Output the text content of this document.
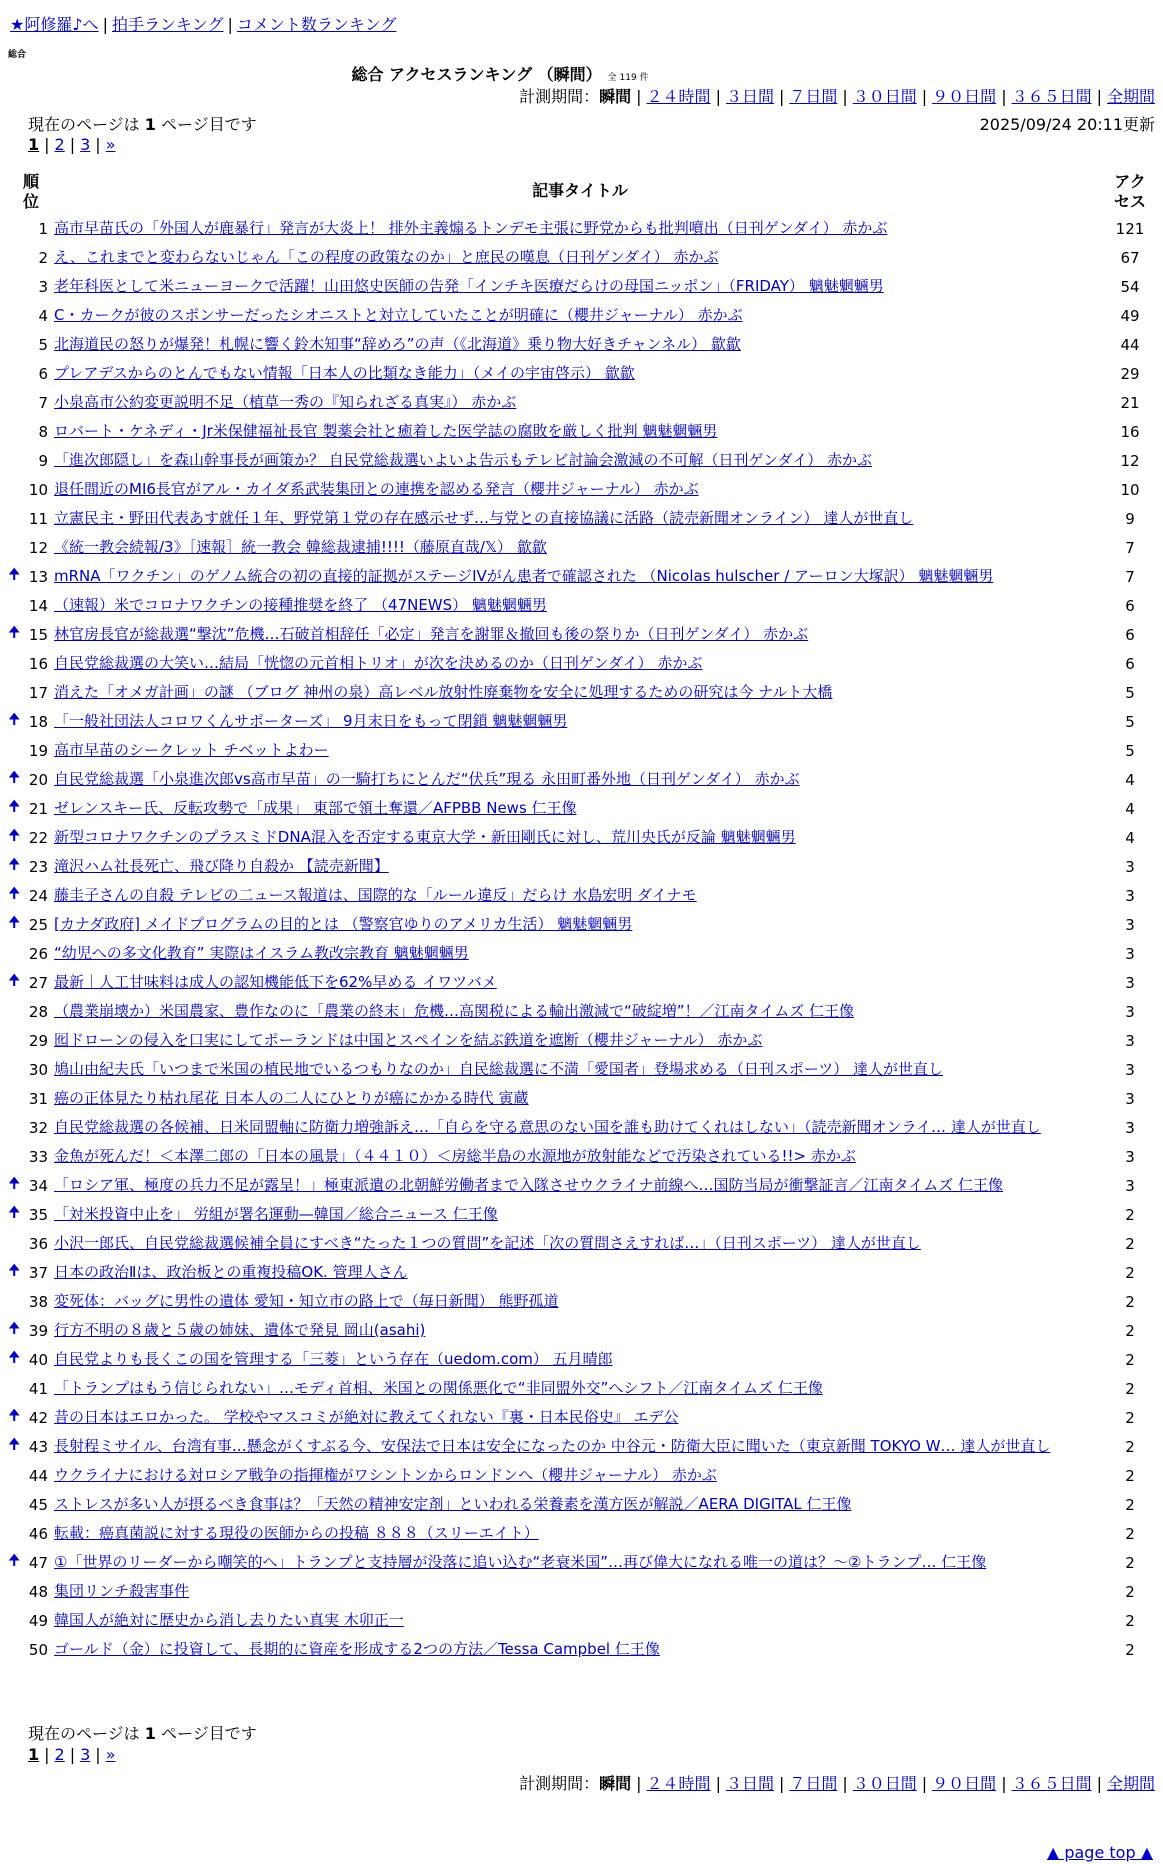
★阿修羅♪へ | 拍手ランキング | コメント数ランキング
総合
総合 アクセスランキング （瞬間） 全 119 件
計測期間：瞬間 | ２４時間 | ３日間 | ７日間 | ３０日間 | ９０日間 | ３６５日間 | 全期間
現在のページは 1 ページ目です	2025/09/24 20:11更新
1 | 2 | 3 | »
順
位		記事タイトル	アク
セス
	1	高市早苗氏の「外国人が鹿暴行」発言が大炎上！ 排外主義煽るトンデモ主張に野党からも批判噴出（日刊ゲンダイ） 赤かぶ	121
	2	え、これまでと変わらないじゃん「この程度の政策なのか」と庶民の嘆息（日刊ゲンダイ） 赤かぶ	67
	3	老年科医として米ニューヨークで活躍！山田悠史医師の告発「インチキ医療だらけの母国ニッポン」（FRIDAY） 魑魅魍魎男	54
	4	C・カークが彼のスポンサーだったシオニストと対立していたことが明確に（櫻井ジャーナル） 赤かぶ	49
	5	北海道民の怒りが爆発！札幌に響く鈴木知事“辞めろ”の声（《北海道》乗り物大好きチャンネル） 歙歙	44
	6	プレアデスからのとんでもない情報「日本人の比類なき能力」（メイの宇宙啓示） 歙歙	29
	7	小泉高市公約変更説明不足（植草一秀の『知られざる真実』） 赤かぶ	21
	8	ロバート・ケネディ・Jr米保健福祉長官 製薬会社と癒着した医学誌の腐敗を厳しく批判 魑魅魍魎男	16
	9	「進次郎隠し」を森山幹事長が画策か？ 自民党総裁選いよいよ告示もテレビ討論会激減の不可解（日刊ゲンダイ） 赤かぶ	12
	10	退任間近のMI6長官がアル・カイダ系武装集団との連携を認める発言（櫻井ジャーナル） 赤かぶ	10
	11	立憲民主・野田代表あす就任１年、野党第１党の存在感示せず…与党との直接協議に活路（読売新聞オンライン） 達人が世直し	9
	12	《統一教会続報/3》［速報］統一教会 韓総裁逮捕!!!!（藤原直哉/𝕏） 歙歙	7
🠉	13	mRNA「ワクチン」のゲノム統合の初の直接的証拠がステージIVがん患者で確認された （Nicolas hulscher / アーロン大塚訳） 魑魅魍魎男	7
	14	（速報）米でコロナワクチンの接種推奨を終了 （47NEWS） 魑魅魍魎男	6
🠉	15	林官房長官が総裁選“撃沈”危機…石破首相辞任「必定」発言を謝罪＆撤回も後の祭りか（日刊ゲンダイ） 赤かぶ	6
	16	自民党総裁選の大笑い…結局「恍惚の元首相トリオ」が次を決めるのか（日刊ゲンダイ） 赤かぶ	6
	17	消えた「オメガ計画」の謎 （ブログ 神州の泉）高レベル放射性廃棄物を安全に処理するための研究は今 ナルト大橋	5
🠉	18	「一般社団法人コロワくんサポーターズ」 9月末日をもって閉鎖 魑魅魍魎男	5
	19	高市早苗のシークレット チベットよわー	5
🠉	20	自民党総裁選「小泉進次郎vs高市早苗」の一騎打ちにとんだ“伏兵”現る 永田町番外地（日刊ゲンダイ） 赤かぶ	4
🠉	21	ゼレンスキー氏、反転攻勢で「成果」 東部で領土奪還／AFPBB News 仁王像	4
🠉	22	新型コロナワクチンのプラスミドDNA混入を否定する東京大学・新田剛氏に対し、荒川央氏が反論 魑魅魍魎男	4
🠉	23	滝沢ハム社長死亡、飛び降り自殺か 【読売新聞】	3
🠉	24	藤圭子さんの自殺 テレビの二ュース報道は、国際的な「ルール違反」だらけ 水島宏明 ダイナモ	3
🠉	25	[カナダ政府] メイドプログラムの目的とは （警察官ゆりのアメリカ生活） 魑魅魍魎男	3
	26	“幼児への多文化教育” 実際はイスラム教改宗教育 魑魅魍魎男	3
🠉	27	最新｜人工甘味料は成人の認知機能低下を62%早める イワツバメ	3
	28	（農業崩壊か）米国農家、豊作なのに「農業の終末」危機…高関税による輸出激減で“破綻増”！／江南タイムズ 仁王像	3
	29	囮ドローンの侵入を口実にしてポーランドは中国とスペインを結ぶ鉄道を遮断（櫻井ジャーナル） 赤かぶ	3
	30	鳩山由紀夫氏「いつまで米国の植民地でいるつもりなのか」自民総裁選に不満「愛国者」登場求める（日刊スポーツ） 達人が世直し	3
	31	癌の正体見たり枯れ尾花 日本人の二人にひとりが癌にかかる時代 寅蔵	3
	32	自民党総裁選の各候補、日米同盟軸に防衛力増強訴え…「自らを守る意思のない国を誰も助けてくれはしない」（読売新聞オンライ… 達人が世直し	3
	33	金魚が死んだ！＜本澤二郎の「日本の風景」（４４１０）＜房総半島の水源地が放射能などで汚染されている!!> 赤かぶ	3
🠉	34	「ロシア軍、極度の兵力不足が露呈！」極東派遣の北朝鮮労働者まで入隊させウクライナ前線へ…国防当局が衝撃証言／江南タイムズ 仁王像	3
🠉	35	「対米投資中止を」 労組が署名運動—韓国／総合ニュース 仁王像	2
	36	小沢一郎氏、自民党総裁選候補全員にすべき“たった１つの質問”を記述「次の質問さえすれば…」（日刊スポーツ） 達人が世直し	2
🠉	37	日本の政治Ⅱは、政治板との重複投稿OK. 管理人さん	2
	38	変死体：バッグに男性の遺体 愛知・知立市の路上で（毎日新聞） 熊野孤道	2
🠉	39	行方不明の８歳と５歳の姉妹、遺体で発見 岡山(asahi)	2
🠉	40	自民党よりも長くこの国を管理する「三菱」という存在（uedom.com） 五月晴郎	2
	41	「トランプはもう信じられない」…モディ首相、米国との関係悪化で“非同盟外交”へシフト／江南タイムズ 仁王像	2
🠉	42	昔の日本はエロかった。 学校やマスコミが絶対に教えてくれない『裏・日本民俗史』 エデ公	2
🠉	43	長射程ミサイル、台湾有事…懸念がくすぶる今、安保法で日本は安全になったのか 中谷元・防衛大臣に聞いた（東京新聞 TOKYO W… 達人が世直し	2
	44	ウクライナにおける対ロシア戦争の指揮権がワシントンからロンドンへ（櫻井ジャーナル） 赤かぶ	2
	45	ストレスが多い人が摂るべき食事は？「天然の精神安定剤」といわれる栄養素を漢方医が解説／AERA DIGITAL 仁王像	2
	46	転載：癌真菌説に対する現役の医師からの投稿 ８８８（スリーエイト）	2
🠉	47	①「世界のリーダーから嘲笑的へ」トランプと支持層が没落に追い込む“老衰米国”…再び偉大になれる唯一の道は？～②トランプ… 仁王像	2
	48	集団リンチ殺害事件	2
	49	韓国人が絶対に歴史から消し去りたい真実 木卯正一	2
	50	ゴールド（金）に投資して、長期的に資産を形成する2つの方法／Tessa Campbel 仁王像	2
現在のページは 1 ページ目です
1 | 2 | 3 | »
計測期間：瞬間 | ２４時間 | ３日間 | ７日間 | ３０日間 | ９０日間 | ３６５日間 | 全期間
▲ page top ▲
